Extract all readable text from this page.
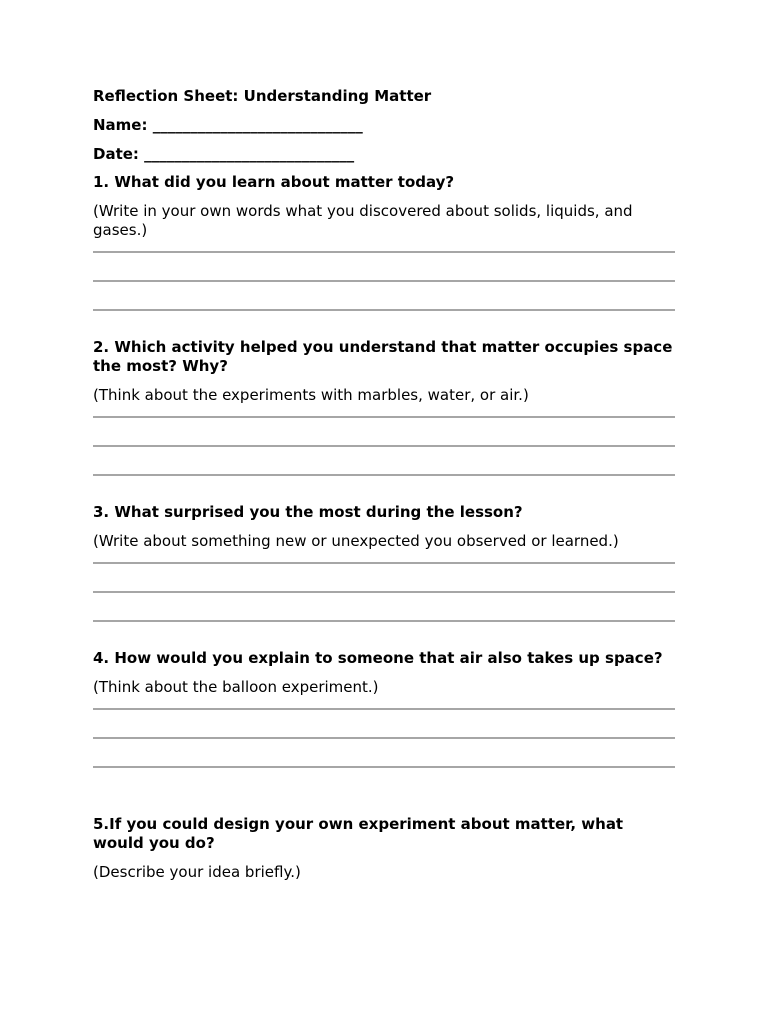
Reflection Sheet: Understanding Matter
Name: ____________________________
Date: ____________________________
1. What did you learn about matter today?
(Write in your own words what you discovered about solids, liquids, and gases.)
2. Which activity helped you understand that matter occupies space the most? Why?
(Think about the experiments with marbles, water, or air.)
3. What surprised you the most during the lesson?
(Write about something new or unexpected you observed or learned.)
4. How would you explain to someone that air also takes up space?
(Think about the balloon experiment.)
5.If you could design your own experiment about matter, what would you do?
(Describe your idea briefly.)
